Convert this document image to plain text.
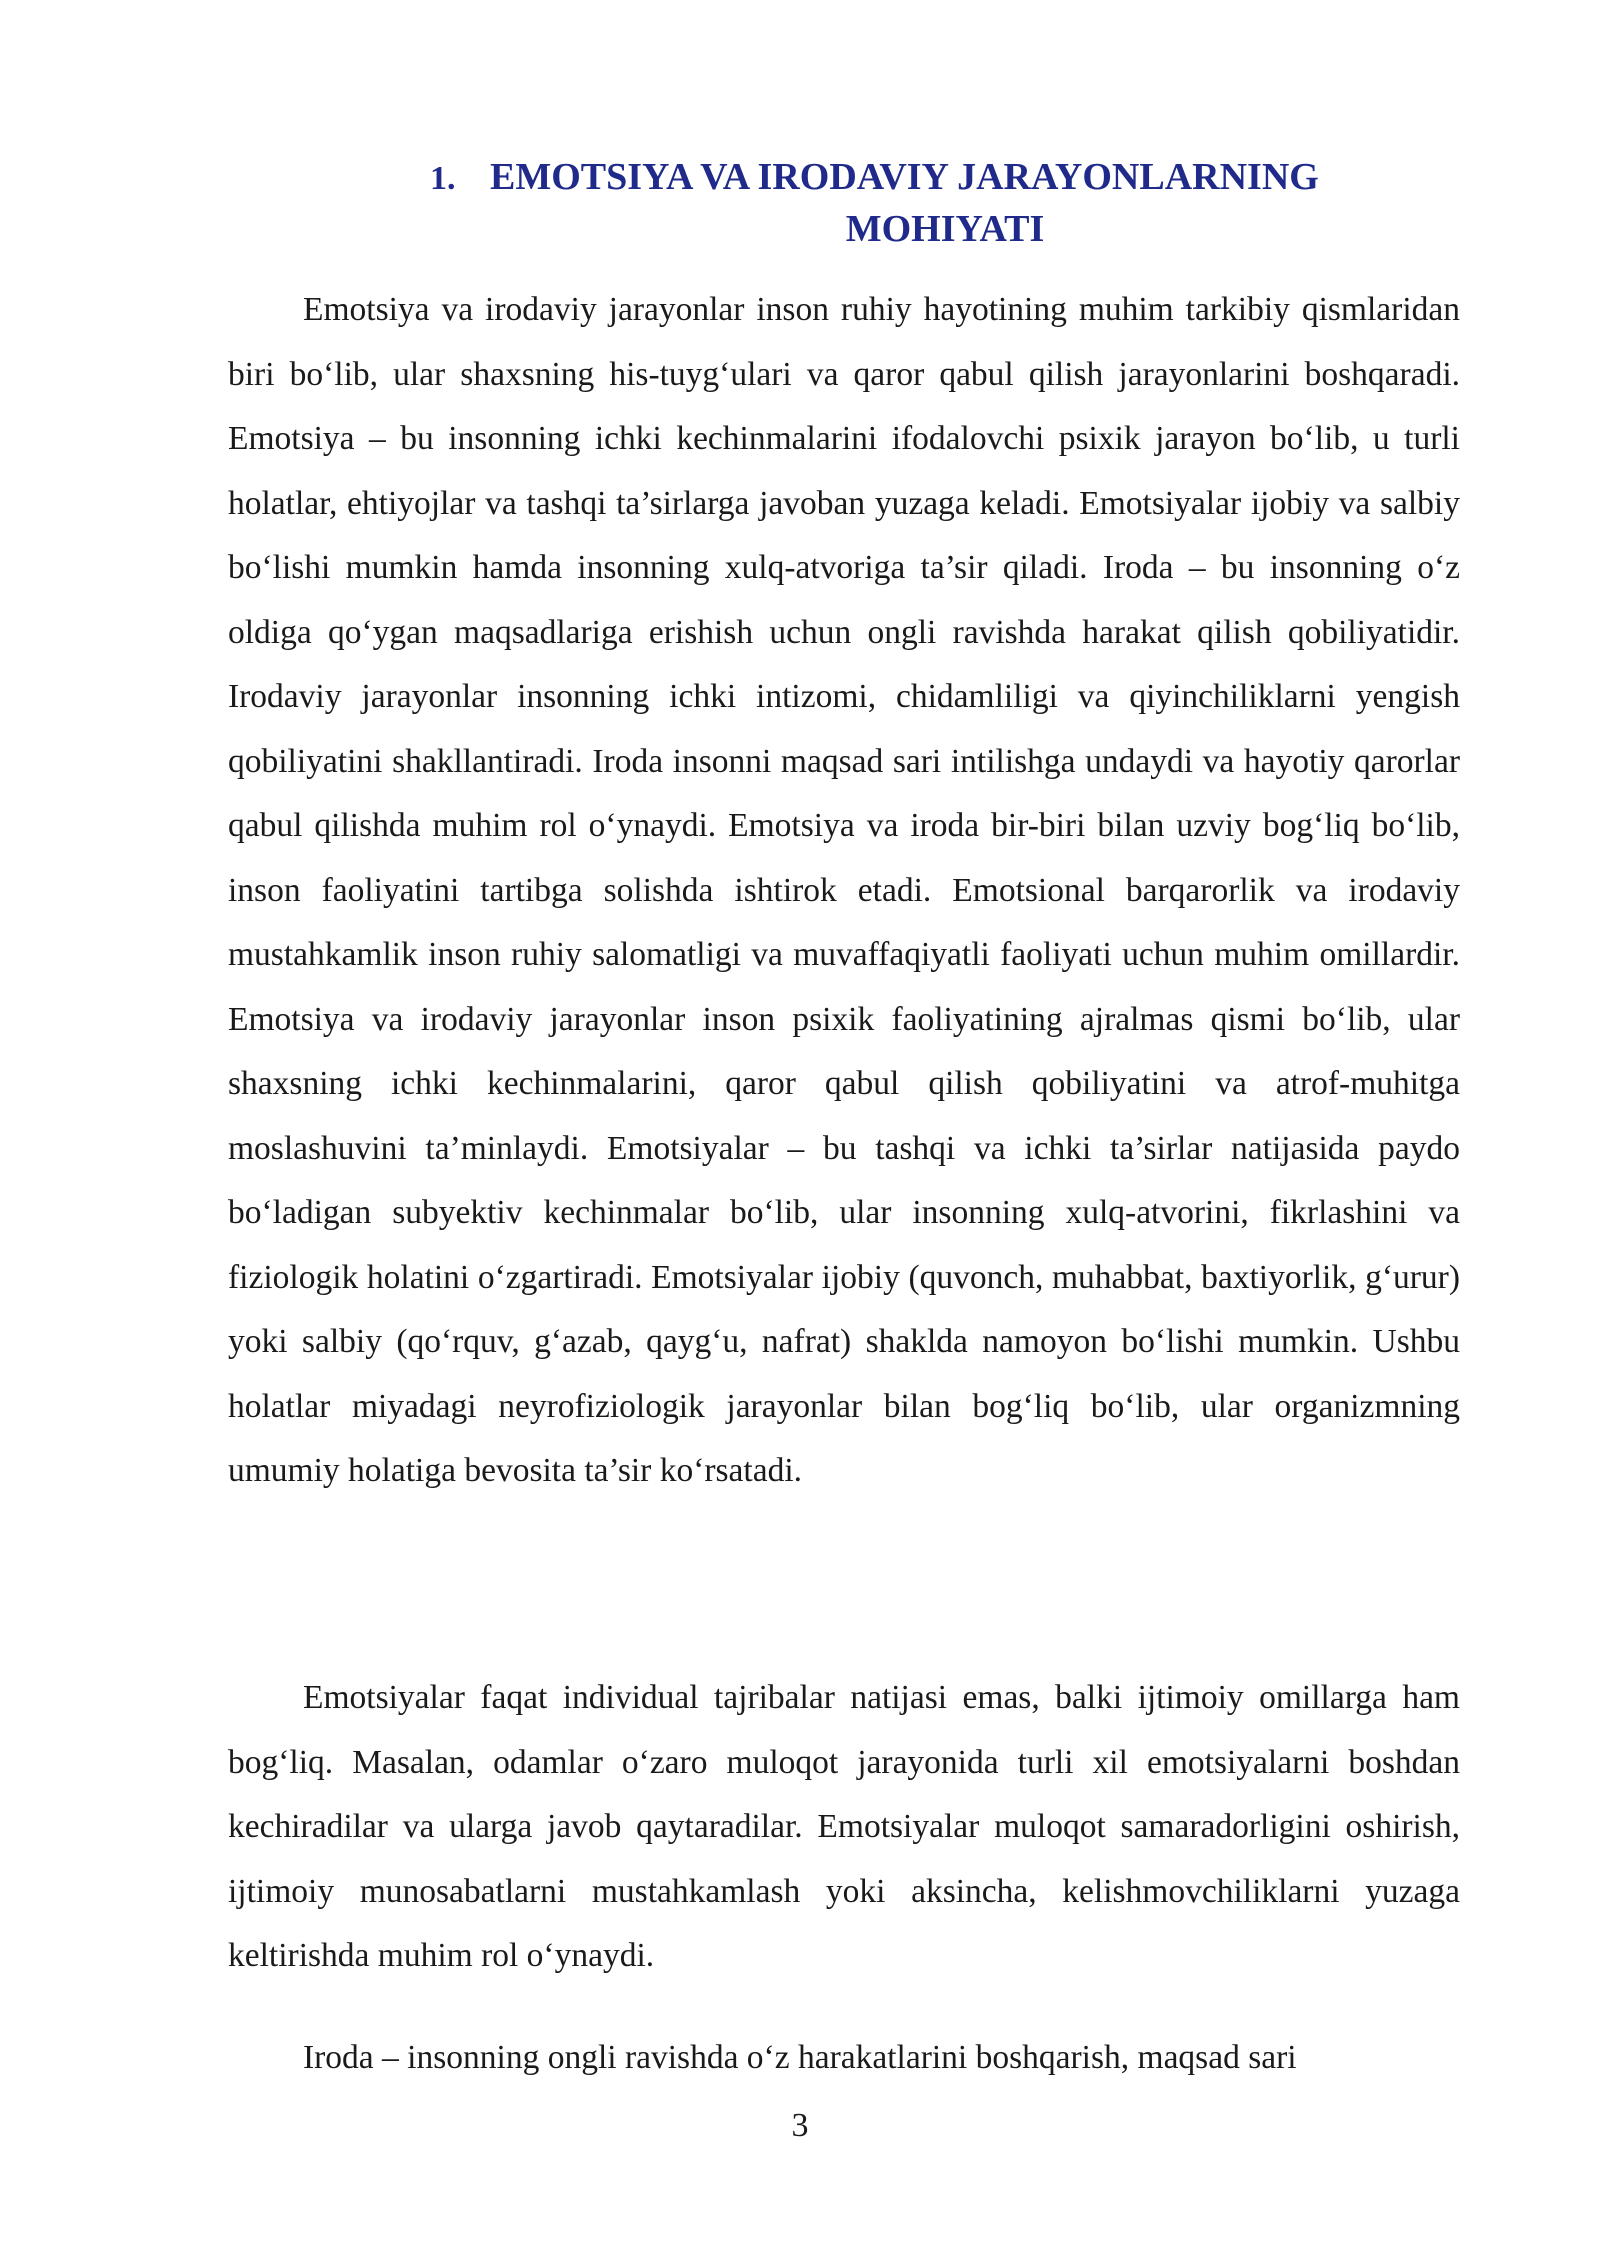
1. EMOTSIYA VA IRODAVIY JARAYONLARNING
MOHIYATI

Emotsiya va irodaviy jarayonlar inson ruhiy hayotining muhim tarkibiy qismlaridan biri bo‘lib, ular shaxsning his-tuyg‘ulari va qaror qabul qilish jarayonlarini boshqaradi. Emotsiya – bu insonning ichki kechinmalarini ifodalovchi psixik jarayon bo‘lib, u turli holatlar, ehtiyojlar va tashqi ta’sirlarga javoban yuzaga keladi. Emotsiyalar ijobiy va salbiy bo‘lishi mumkin hamda insonning xulq-atvoriga ta’sir qiladi. Iroda – bu insonning o‘z oldiga qo‘ygan maqsadlariga erishish uchun ongli ravishda harakat qilish qobiliyatidir. Irodaviy jarayonlar insonning ichki intizomi, chidamliligi va qiyinchiliklarni yengish qobiliyatini shakllantiradi. Iroda insonni maqsad sari intilishga undaydi va hayotiy qarorlar qabul qilishda muhim rol o‘ynaydi. Emotsiya va iroda bir-biri bilan uzviy bog‘liq bo‘lib, inson faoliyatini tartibga solishda ishtirok etadi. Emotsional barqarorlik va irodaviy mustahkamlik inson ruhiy salomatligi va muvaffaqiyatli faoliyati uchun muhim omillardir. Emotsiya va irodaviy jarayonlar inson psixik faoliyatining ajralmas qismi bo‘lib, ular shaxsning ichki kechinmalarini, qaror qabul qilish qobiliyatini va atrof-muhitga moslashuvini ta’minlaydi. Emotsiyalar – bu tashqi va ichki ta’sirlar natijasida paydo bo‘ladigan subyektiv kechinmalar bo‘lib, ular insonning xulq-atvorini, fikrlashini va fiziologik holatini o‘zgartiradi. Emotsiyalar ijobiy (quvonch, muhabbat, baxtiyorlik, g‘urur) yoki salbiy (qo‘rquv, g‘azab, qayg‘u, nafrat) shaklda namoyon bo‘lishi mumkin. Ushbu holatlar miyadagi neyrofiziologik jarayonlar bilan bog‘liq bo‘lib, ular organizmning umumiy holatiga bevosita ta’sir ko‘rsatadi.

Emotsiyalar faqat individual tajribalar natijasi emas, balki ijtimoiy omillarga ham bog‘liq. Masalan, odamlar o‘zaro muloqot jarayonida turli xil emotsiyalarni boshdan kechiradilar va ularga javob qaytaradilar. Emotsiyalar muloqot samaradorligini oshirish, ijtimoiy munosabatlarni mustahkamlash yoki aksincha, kelishmovchiliklarni yuzaga keltirishda muhim rol o‘ynaydi.

Iroda – insonning ongli ravishda o‘z harakatlarini boshqarish, maqsad sari

3
